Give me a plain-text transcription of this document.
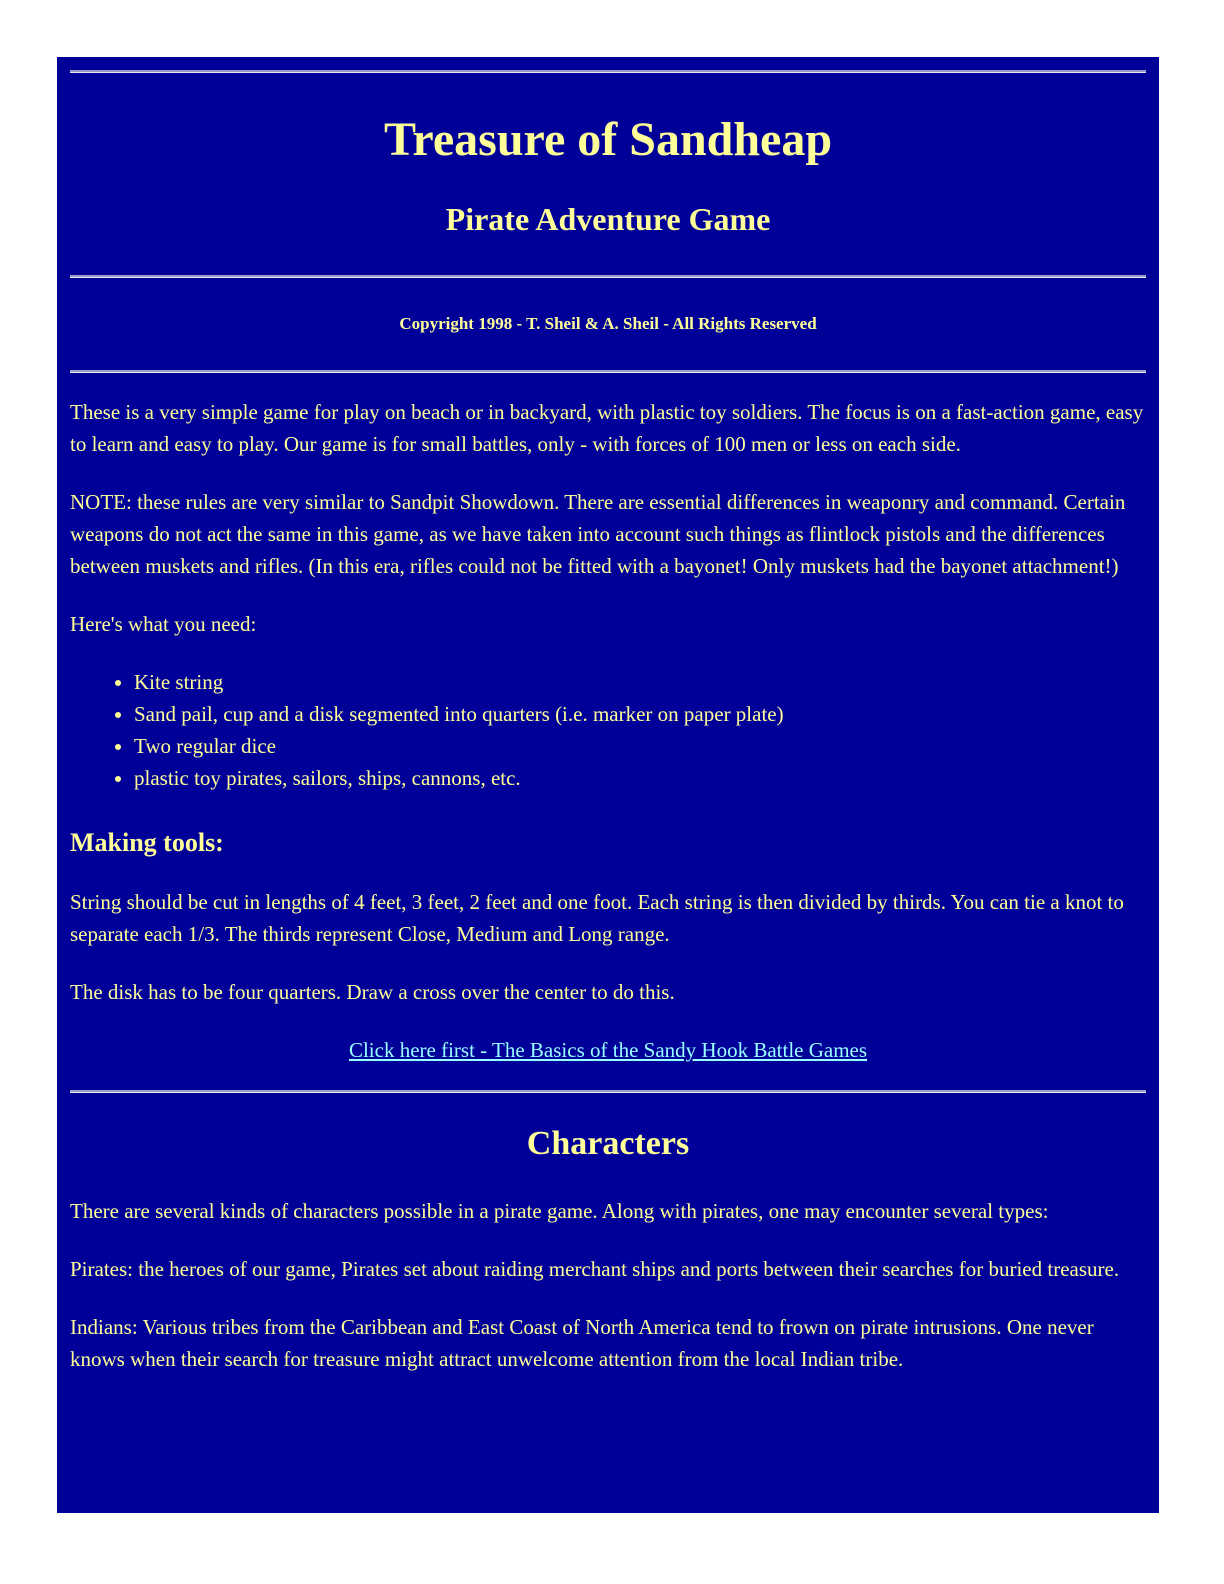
Treasure of Sandheap
Pirate Adventure Game

Copyright 1998 - T. Sheil & A. Sheil - All Rights Reserved

These is a very simple game for play on beach or in backyard, with plastic toy soldiers. The focus is on a fast-action game, easy to learn and easy to play. Our game is for small battles, only - with forces of 100 men or less on each side.

NOTE: these rules are very similar to Sandpit Showdown. There are essential differences in weaponry and command. Certain weapons do not act the same in this game, as we have taken into account such things as flintlock pistols and the differences between muskets and rifles. (In this era, rifles could not be fitted with a bayonet! Only muskets had the bayonet attachment!)

Here's what you need:

• Kite string
• Sand pail, cup and a disk segmented into quarters (i.e. marker on paper plate)
• Two regular dice
• plastic toy pirates, sailors, ships, cannons, etc.
Making tools:

String should be cut in lengths of 4 feet, 3 feet, 2 feet and one foot. Each string is then divided by thirds. You can tie a knot to separate each 1/3. The thirds represent Close, Medium and Long range.

The disk has to be four quarters. Draw a cross over the center to do this.

Click here first - The Basics of the Sandy Hook Battle Games

Characters

There are several kinds of characters possible in a pirate game. Along with pirates, one may encounter several types:

Pirates: the heroes of our game, Pirates set about raiding merchant ships and ports between their searches for buried treasure.

Indians: Various tribes from the Caribbean and East Coast of North America tend to frown on pirate intrusions. One never knows when their search for treasure might attract unwelcome attention from the local Indian tribe.
